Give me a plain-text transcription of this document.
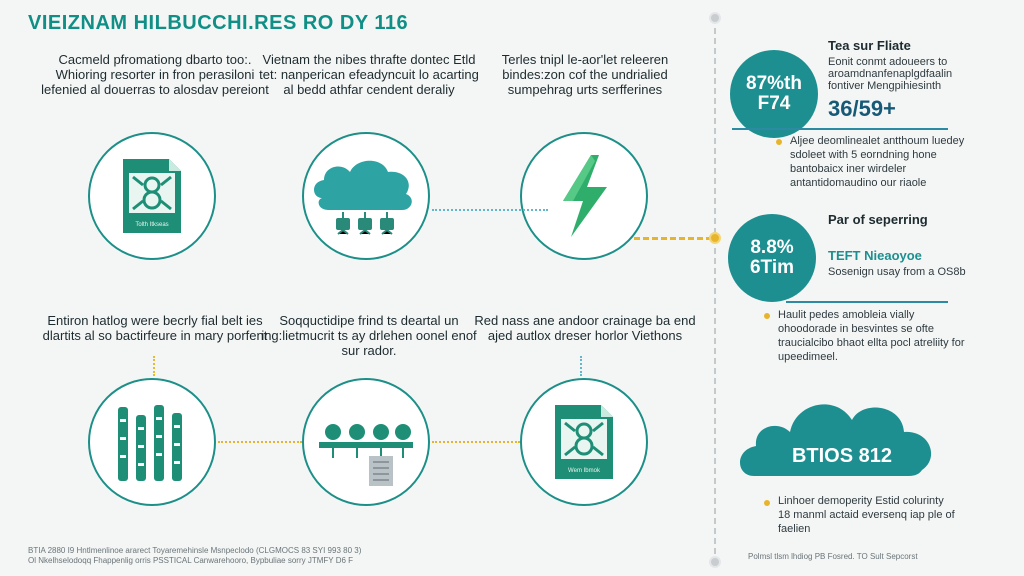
VIEIZNAM HILBUCCHI.RES RO DY 116
Cacmeld pfromationg dbarto too:. Whioring resorter in fron perasiloni lefenied al douerras to alosdav pereiont
Vietnam the nibes thrafte dontec Etld tet: nanperican efeadyncuit lo acarting al bedd athfar cendent deraliy
Terles tnipl le-aor'let releeren bindes:zon cof the undrialied sumpehrag urts serfferines
Tolth Itkseas
Entiron hatlog were becrly fial belt ies dlartits al so bactirfeure in mary porfent
Soqquctidipe frind ts deartal un ing:lietmucrit ts ay drlehen oonel enof sur rador.
Red nass ane andoor crainage ba end ajed autlox dreser horlor Viethons
Wem Ibmok
87%th
F74
Tea sur Fliate
Eonit conmt adoueers to aroamdnanfenaplgdfaalin fontiver Mengpihiesinth
36/59+
Aljee deomlinealet antthoum luedey sdoleet with 5 eorndning hone bantobaicx iner wirdeler antantidomaudino our riaole
Par of seperring
8.8%
6Tim
TEFT Nieaoyoe
Sosenign usay from a OS8b
Haulit pedes amobleia vially ohoodorade in besvintes se ofte traucialcibo bhaot ellta pocl atreliity for upeedimeel.
BTIOS 812
Linhoer demoperity Estid colurinty 18 manml actaid eversenq iap ple of faelien
BTIA 2880 I9 Hntlmenlinoe ararect Toyaremehinsle Msnpeclodo (CLGMOCS 83 SYI 993 80 3)
Ol Nkelhselodoqq Fhappenlig orris PSSTICAL Canwarehooro, Bypbuliae sorry JTMFY D6 F	Polmsl tlsm lhdiog PB Fosred. TO Sult Sepcorst
